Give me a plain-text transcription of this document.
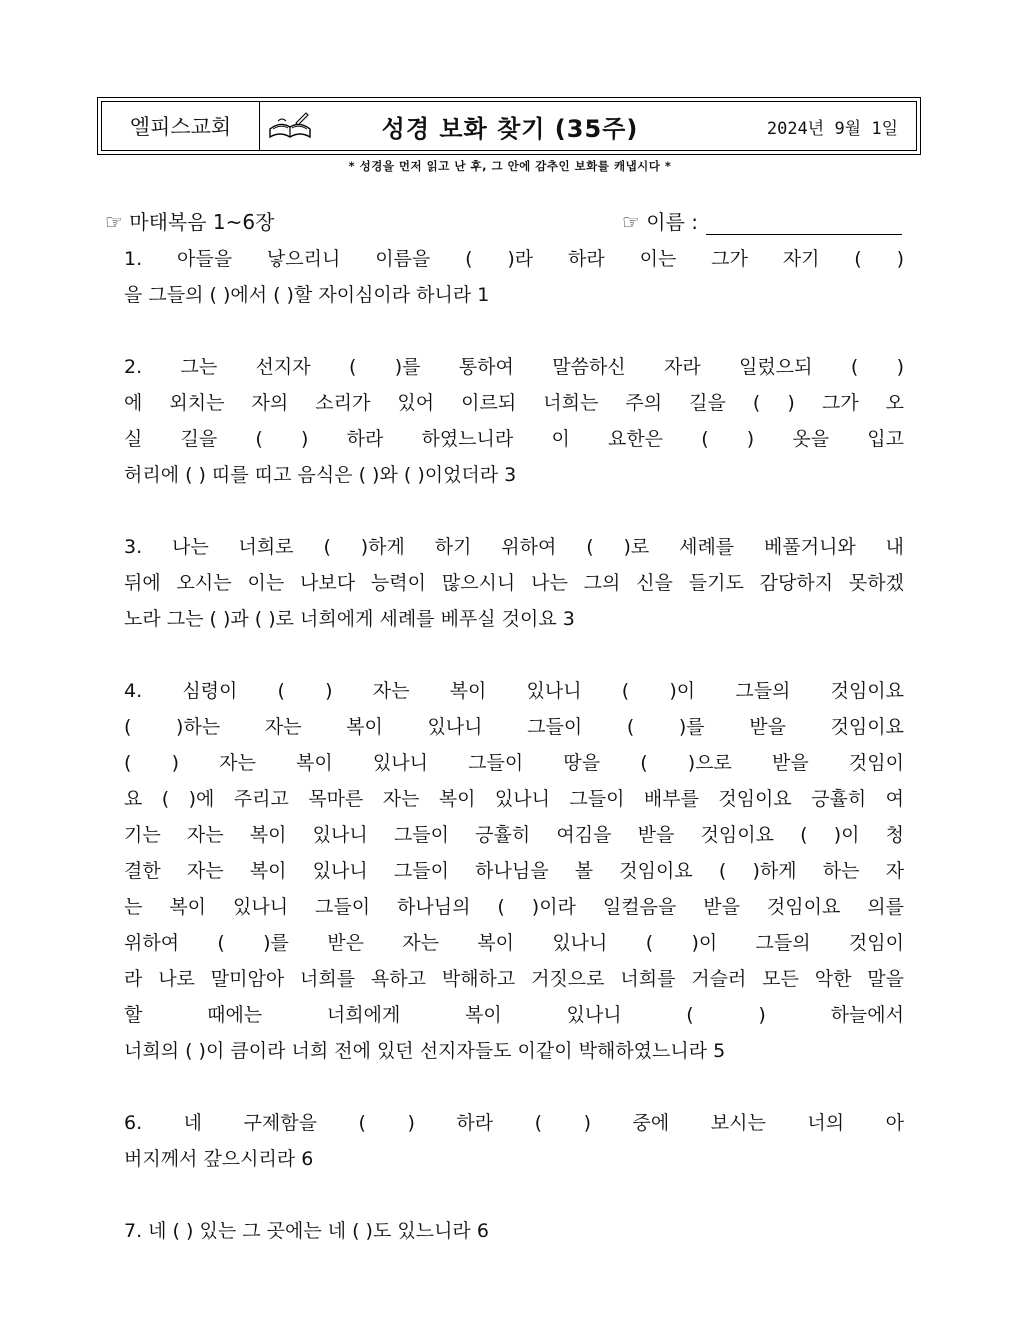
엘피스교회	성경 보화 찾기 (35주)	2024년 9월 1일
* 성경을 먼저 읽고 난 후, 그 안에 감추인 보화를 캐냅시다 *
☞ 마태복음 1~6장	☞ 이름 :
1. 아들을 낳으리니 이름을 ( )라 하라 이는 그가 자기 ( )
을 그들의 ( )에서 ( )할 자이심이라 하니라 1
2. 그는 선지자 ( )를 통하여 말씀하신 자라 일렀으되 ( )
에 외치는 자의 소리가 있어 이르되 너희는 주의 길을 ( ) 그가 오
실 길을 ( ) 하라 하였느니라 이 요한은 ( ) 옷을 입고
허리에 ( ) 띠를 띠고 음식은 ( )와 ( )이었더라 3
3. 나는 너희로 ( )하게 하기 위하여 ( )로 세례를 베풀거니와 내
뒤에 오시는 이는 나보다 능력이 많으시니 나는 그의 신을 들기도 감당하지 못하겠
노라 그는 ( )과 ( )로 너희에게 세례를 베푸실 것이요 3
4. 심령이 ( ) 자는 복이 있나니 ( )이 그들의 것임이요
( )하는 자는 복이 있나니 그들이 ( )를 받을 것임이요
( ) 자는 복이 있나니 그들이 땅을 ( )으로 받을 것임이
요 ( )에 주리고 목마른 자는 복이 있나니 그들이 배부를 것임이요 긍휼히 여
기는 자는 복이 있나니 그들이 긍휼히 여김을 받을 것임이요 ( )이 청
결한 자는 복이 있나니 그들이 하나님을 볼 것임이요 ( )하게 하는 자
는 복이 있나니 그들이 하나님의 ( )이라 일컬음을 받을 것임이요 의를
위하여 ( )를 받은 자는 복이 있나니 ( )이 그들의 것임이
라 나로 말미암아 너희를 욕하고 박해하고 거짓으로 너희를 거슬러 모든 악한 말을
할 때에는 너희에게 복이 있나니 ( ) 하늘에서
너희의 ( )이 큼이라 너희 전에 있던 선지자들도 이같이 박해하였느니라 5
6. 네 구제함을 ( ) 하라 ( ) 중에 보시는 너의 아
버지께서 갚으시리라 6
7. 네 ( ) 있는 그 곳에는 네 ( )도 있느니라 6
